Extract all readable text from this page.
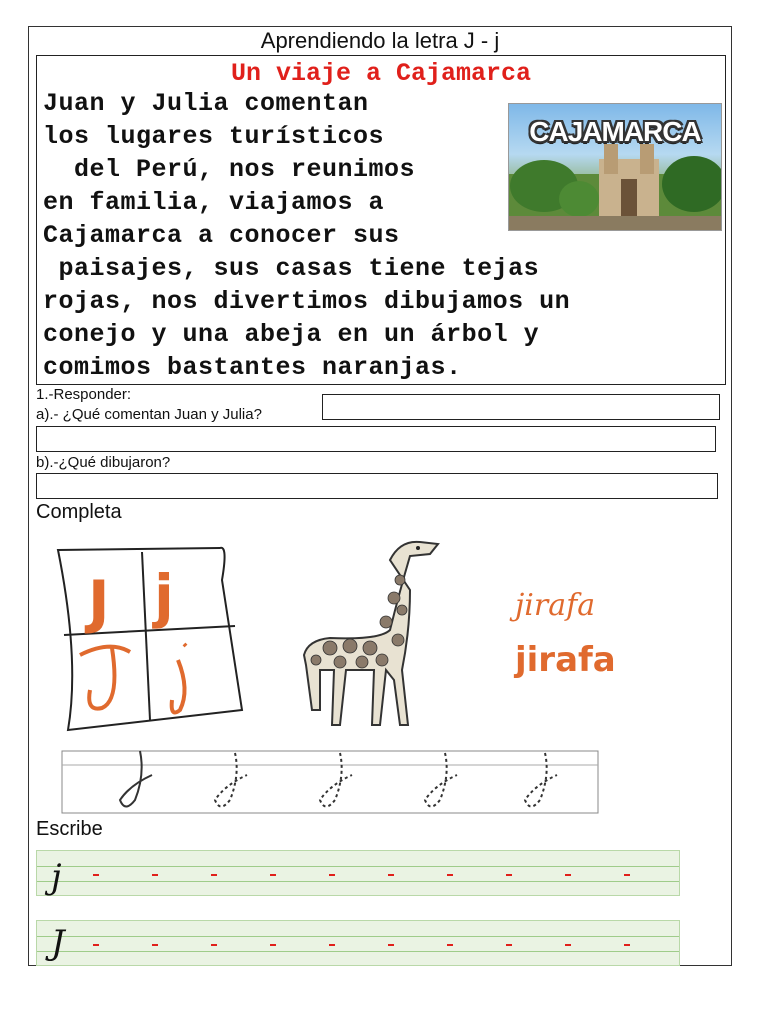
Aprendiendo la letra J - j
Un viaje a Cajamarca
Juan y Julia comentan
los lugares turísticos
del Perú, nos reunimos
en familia, viajamos a
Cajamarca a conocer sus
paisajes, sus casas tiene tejas
rojas, nos divertimos dibujamos un
conejo y una abeja en un árbol y
comimos bastantes naranjas.
CAJAMARCA
1.-Responder:
a).- ¿Qué comentan Juan y Julia?
b).-¿Qué dibujaron?
Completa
J j	jirafa
jirafa
Escribe
j
J
